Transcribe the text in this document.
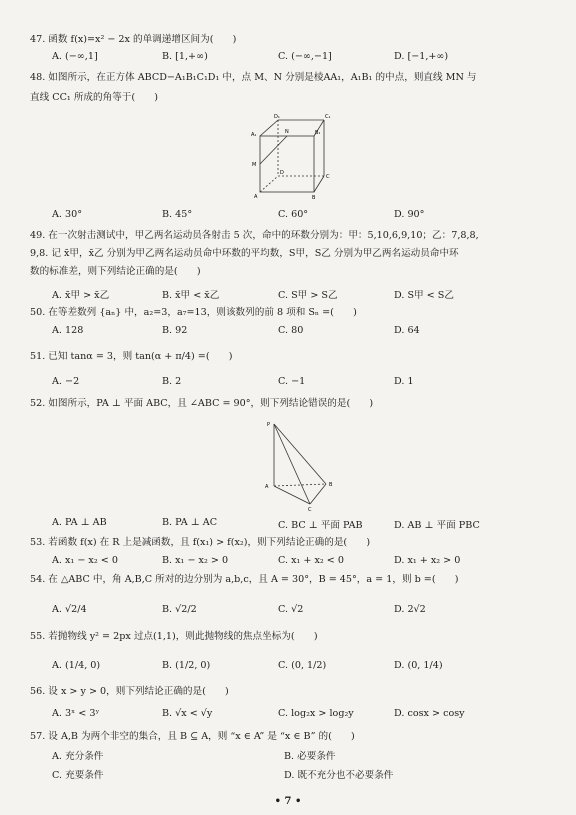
47. 函数 f(x)=x² − 2x 的单调递增区间为(　　)
A. (−∞,1]	B. [1,+∞)	C. (−∞,−1]	D. [−1,+∞)
48. 如图所示，在正方体 ABCD−A₁B₁C₁D₁ 中，点 M、N 分别是棱AA₁，A₁B₁ 的中点，则直线 MN 与
直线 CC₁ 所成的角等于(　　)
D₁	C₁
A₁	N	B₁
M
D
C
A	B
A. 30°	B. 45°	C. 60°	D. 90°
49. 在一次射击测试中，甲乙两名运动员各射击 5 次，命中的环数分别为：甲：5,10,6,9,10；乙：7,8,8,
9,8. 记 x̄甲，x̄乙 分别为甲乙两名运动员命中环数的平均数，S甲，S乙 分别为甲乙两名运动员命中环
数的标准差，则下列结论正确的是(　　)
A. x̄甲 > x̄乙	B. x̄甲 < x̄乙	C. S甲 > S乙	D. S甲 < S乙
50. 在等差数列 {aₙ} 中，a₂=3，a₇=13，则该数列的前 8 项和 Sₙ =(　　)
A. 128	B. 92	C. 80	D. 64
51. 已知 tanα = 3，则 tan(α + π/4) =(　　)
A. −2	B. 2	C. −1	D. 1
52. 如图所示，PA ⊥ 平面 ABC，且 ∠ABC = 90°，则下列结论错误的是(　　)
P
A	B
C
A. PA ⊥ AB	B. PA ⊥ AC	C. BC ⊥ 平面 PAB	D. AB ⊥ 平面 PBC
53. 若函数 f(x) 在 R 上是减函数，且 f(x₁) > f(x₂)，则下列结论正确的是(　　)
A. x₁ − x₂ < 0	B. x₁ − x₂ > 0	C. x₁ + x₂ < 0	D. x₁ + x₂ > 0
54. 在 △ABC 中，角 A,B,C 所对的边分别为 a,b,c，且 A = 30°，B = 45°，a = 1，则 b =(　　)
A. √2/4	B. √2/2	C. √2	D. 2√2
55. 若抛物线 y² = 2px 过点(1,1)，则此抛物线的焦点坐标为(　　)
A. (1/4, 0)	B. (1/2, 0)	C. (0, 1/2)	D. (0, 1/4)
56. 设 x > y > 0，则下列结论正确的是(　　)
A. 3ˣ < 3ʸ	B. √x < √y	C. log₂x > log₂y	D. cosx > cosy
57. 设 A,B 为两个非空的集合，且 B ⊆ A，则 “x ∈ A” 是 “x ∈ B” 的(　　)
A. 充分条件	B. 必要条件
C. 充要条件	D. 既不充分也不必要条件
• 7 •
